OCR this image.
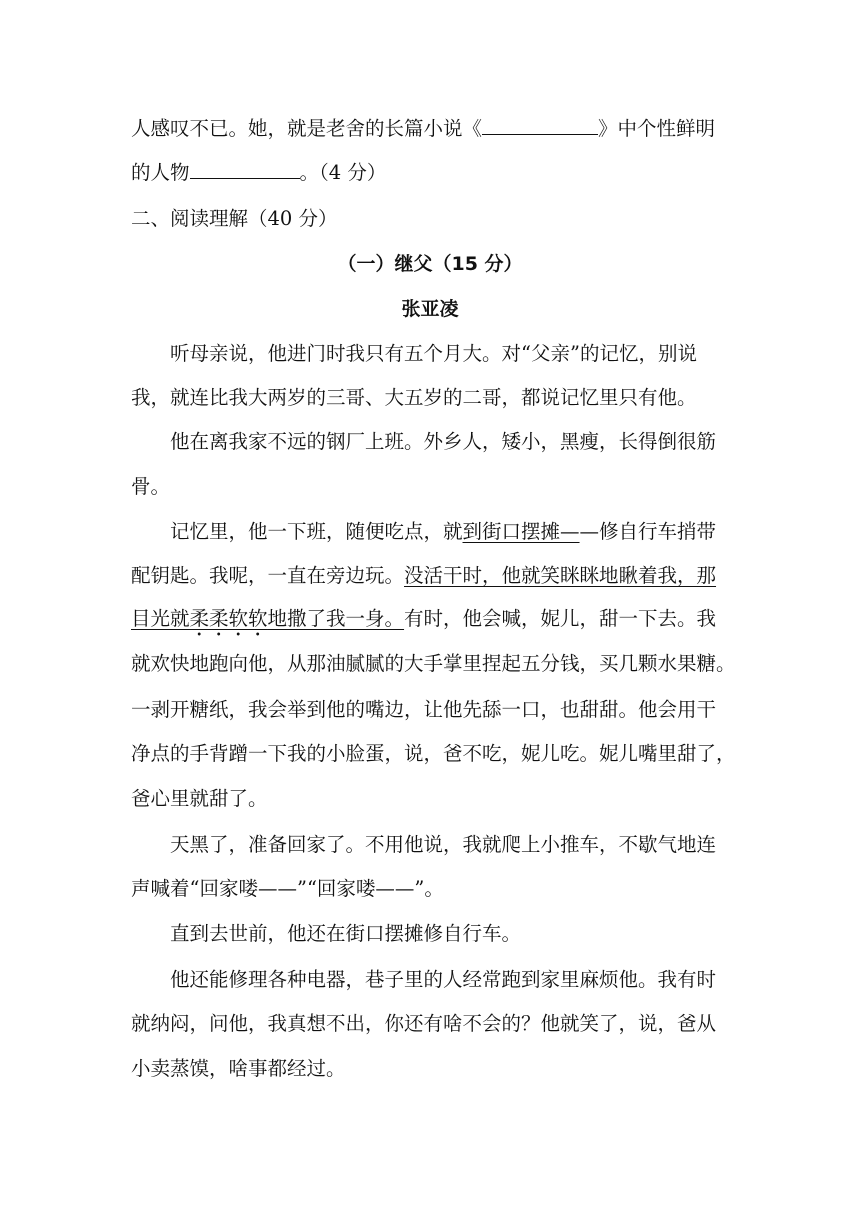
人感叹不已。她，就是老舍的长篇小说《	》中个性鲜明
的人物	。（4 分）
二、阅读理解（40 分）
（一）继父（15 分）
张亚凌
听母亲说，他进门时我只有五个月大。对“父亲”的记忆，别说
我，就连比我大两岁的三哥、大五岁的二哥，都说记忆里只有他。
他在离我家不远的钢厂上班。外乡人，矮小，黑瘦，长得倒很筋
骨。
记忆里，他一下班，随便吃点，就到街口摆摊——修自行车捎带
配钥匙。我呢，一直在旁边玩。没活干时，他就笑眯眯地瞅着我，那
目光就柔柔软软地撒了我一身。有时，他会喊，妮儿，甜一下去。我
就欢快地跑向他，从那油腻腻的大手掌里捏起五分钱，买几颗水果糖。
一剥开糖纸，我会举到他的嘴边，让他先舔一口，也甜甜。他会用干
净点的手背蹭一下我的小脸蛋，说，爸不吃，妮儿吃。妮儿嘴里甜了，
爸心里就甜了。
天黑了，准备回家了。不用他说，我就爬上小推车，不歇气地连
声喊着“回家喽——”“回家喽——”。
直到去世前，他还在街口摆摊修自行车。
他还能修理各种电器，巷子里的人经常跑到家里麻烦他。我有时
就纳闷，问他，我真想不出，你还有啥不会的？他就笑了，说，爸从
小卖蒸馍，啥事都经过。
